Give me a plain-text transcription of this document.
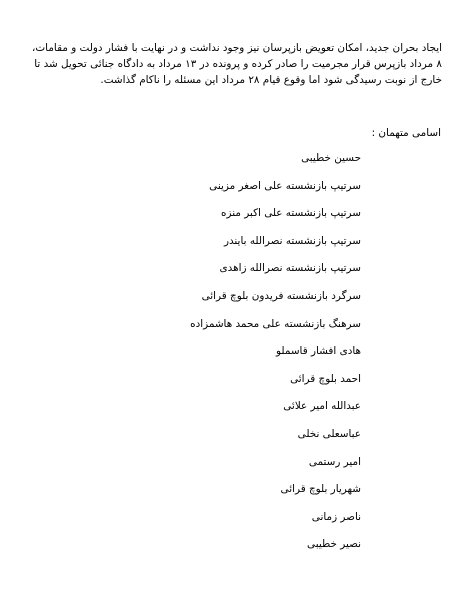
ایجاد بحران جدید، امکان تعویض بازپرسان نیز وجود نداشت و در نهایت با فشار دولت و مقامات، ۸ مرداد بازپرس قرار مجرمیت را صادر کرده و پرونده در ۱۳ مرداد به دادگاه جنائی تحویل شد تا خارج از نوبت رسیدگی شود اما وقوع قیام ۲۸ مرداد این مسئله را ناکام گذاشت.

اسامی متهمان :

حسین خطیبی
سرتیپ بازنشسته علی اصغر مزینی
سرتیپ بازنشسته علی اکبر منزه
سرتیپ بازنشسته نصرالله بایندر
سرتیپ بازنشسته نصرالله زاهدی
سرگرد بازنشسته فریدون بلوچ قرائی
سرهنگ بازنشسته علی محمد هاشمزاده
هادی افشار قاسملو
احمد بلوچ قرائی
عبدالله امیر علائی
عباسعلی نخلی
امیر رستمی
شهریار بلوچ قرائی
ناصر زمانی
نصیر خطیبی
